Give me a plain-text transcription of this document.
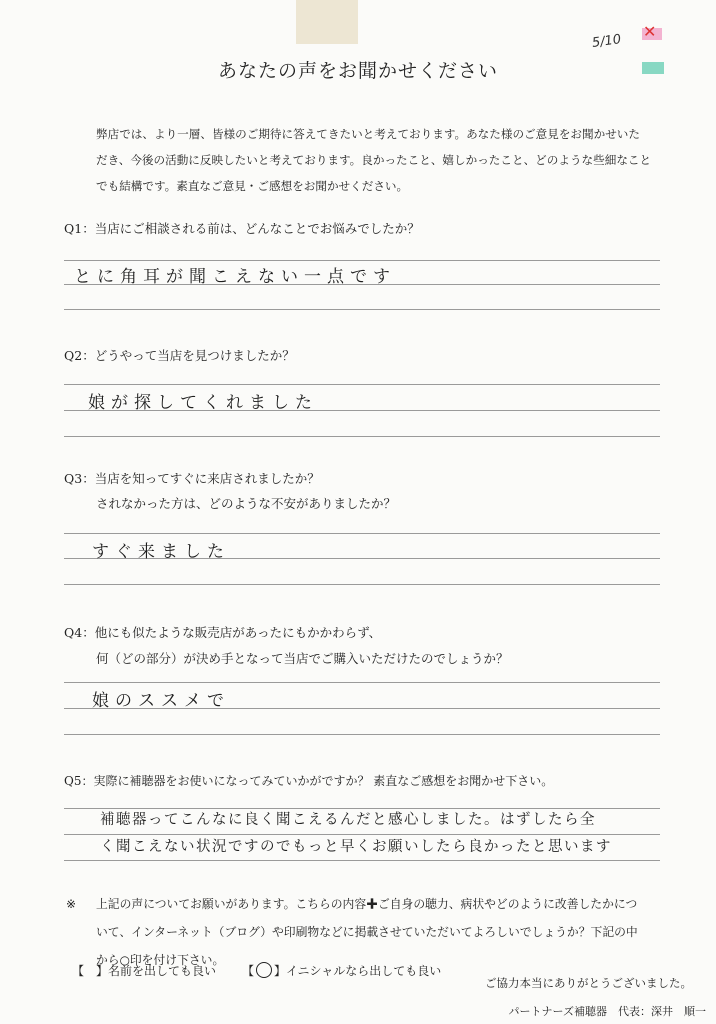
5/10
✕
あなたの声をお聞かせください
弊店では、より一層、皆様のご期待に答えてきたいと考えております。あなた様のご意見をお聞かせいた
だき、今後の活動に反映したいと考えております。良かったこと、嬉しかったこと、どのような些細なこと
でも結構です。素直なご意見・ご感想をお聞かせください。
Q1：当店にご相談される前は、どんなことでお悩みでしたか？
とに角耳が聞こえない一点です
Q2：どうやって当店を見つけましたか？
娘が探してくれました
Q3：当店を知ってすぐに来店されましたか？
されなかった方は、どのような不安がありましたか？
すぐ来ました
Q4：他にも似たような販売店があったにもかかわらず、
何（どの部分）が決め手となって当店でご購入いただけたのでしょうか？
娘のススメで
Q5：実際に補聴器をお使いになってみていかがですか？ 素直なご感想をお聞かせ下さい。
補聴器ってこんなに良く聞こえるんだと感心しました。はずしたら全
く聞こえない状況ですのでもっと早くお願いしたら良かったと思います
※ 上記の声についてお願いがあります。こちらの内容✚ご自身の聴力、病状やどのように改善したかにつ
いて、インターネット（ブログ）や印刷物などに掲載させていただいてよろしいでしょうか？下記の中
から○印を付け下さい。
【　】名前を出しても良い 【 ○ 】イニシャルなら出しても良い
ご協力本当にありがとうございました。
パートナーズ補聴器　代表：深井　順一
